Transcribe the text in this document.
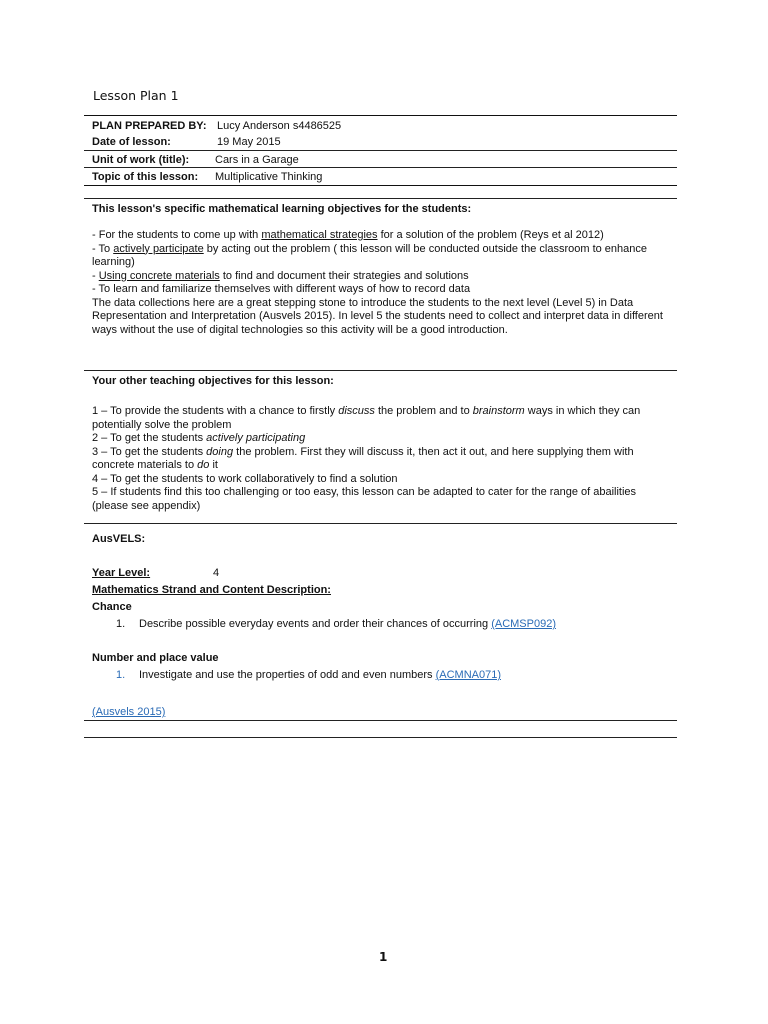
Lesson Plan 1
PLAN PREPARED BY: Lucy Anderson s4486525
Date of lesson:	19 May 2015
Unit of work (title): Cars in a Garage
Topic of this lesson: Multiplicative Thinking
This lesson's specific mathematical learning objectives for the students:

- For the students to come up with mathematical strategies for a solution of the problem (Reys et al 2012)

- To actively participate by acting out the problem ( this lesson will be conducted outside the classroom to enhance learning)

- Using concrete materials to find and document their strategies and solutions

- To learn and familiarize themselves with different ways of how to record data

The data collections here are a great stepping stone to introduce the students to the next level (Level 5) in Data Representation and Interpretation (Ausvels 2015). In level 5 the students need to collect and interpret data in different ways without the use of digital technologies so this activity will be a good introduction.

Your other teaching objectives for this lesson:

1 – To provide the students with a chance to firstly discuss the problem and to brainstorm ways in which they can potentially solve the problem

2 – To get the students actively participating

3 – To get the students doing the problem. First they will discuss it, then act it out, and here supplying them with concrete materials to do it

4 – To get the students to work collaboratively to find a solution

5 – If students find this too challenging or too easy, this lesson can be adapted to cater for the range of abailities (please see appendix)

AusVELS:
Year Level:	4
Mathematics Strand and Content Description:
Chance
1. Describe possible everyday events and order their chances of occurring (ACMSP092)
Number and place value
1. Investigate and use the properties of odd and even numbers (ACMNA071)
(Ausvels 2015)
1
